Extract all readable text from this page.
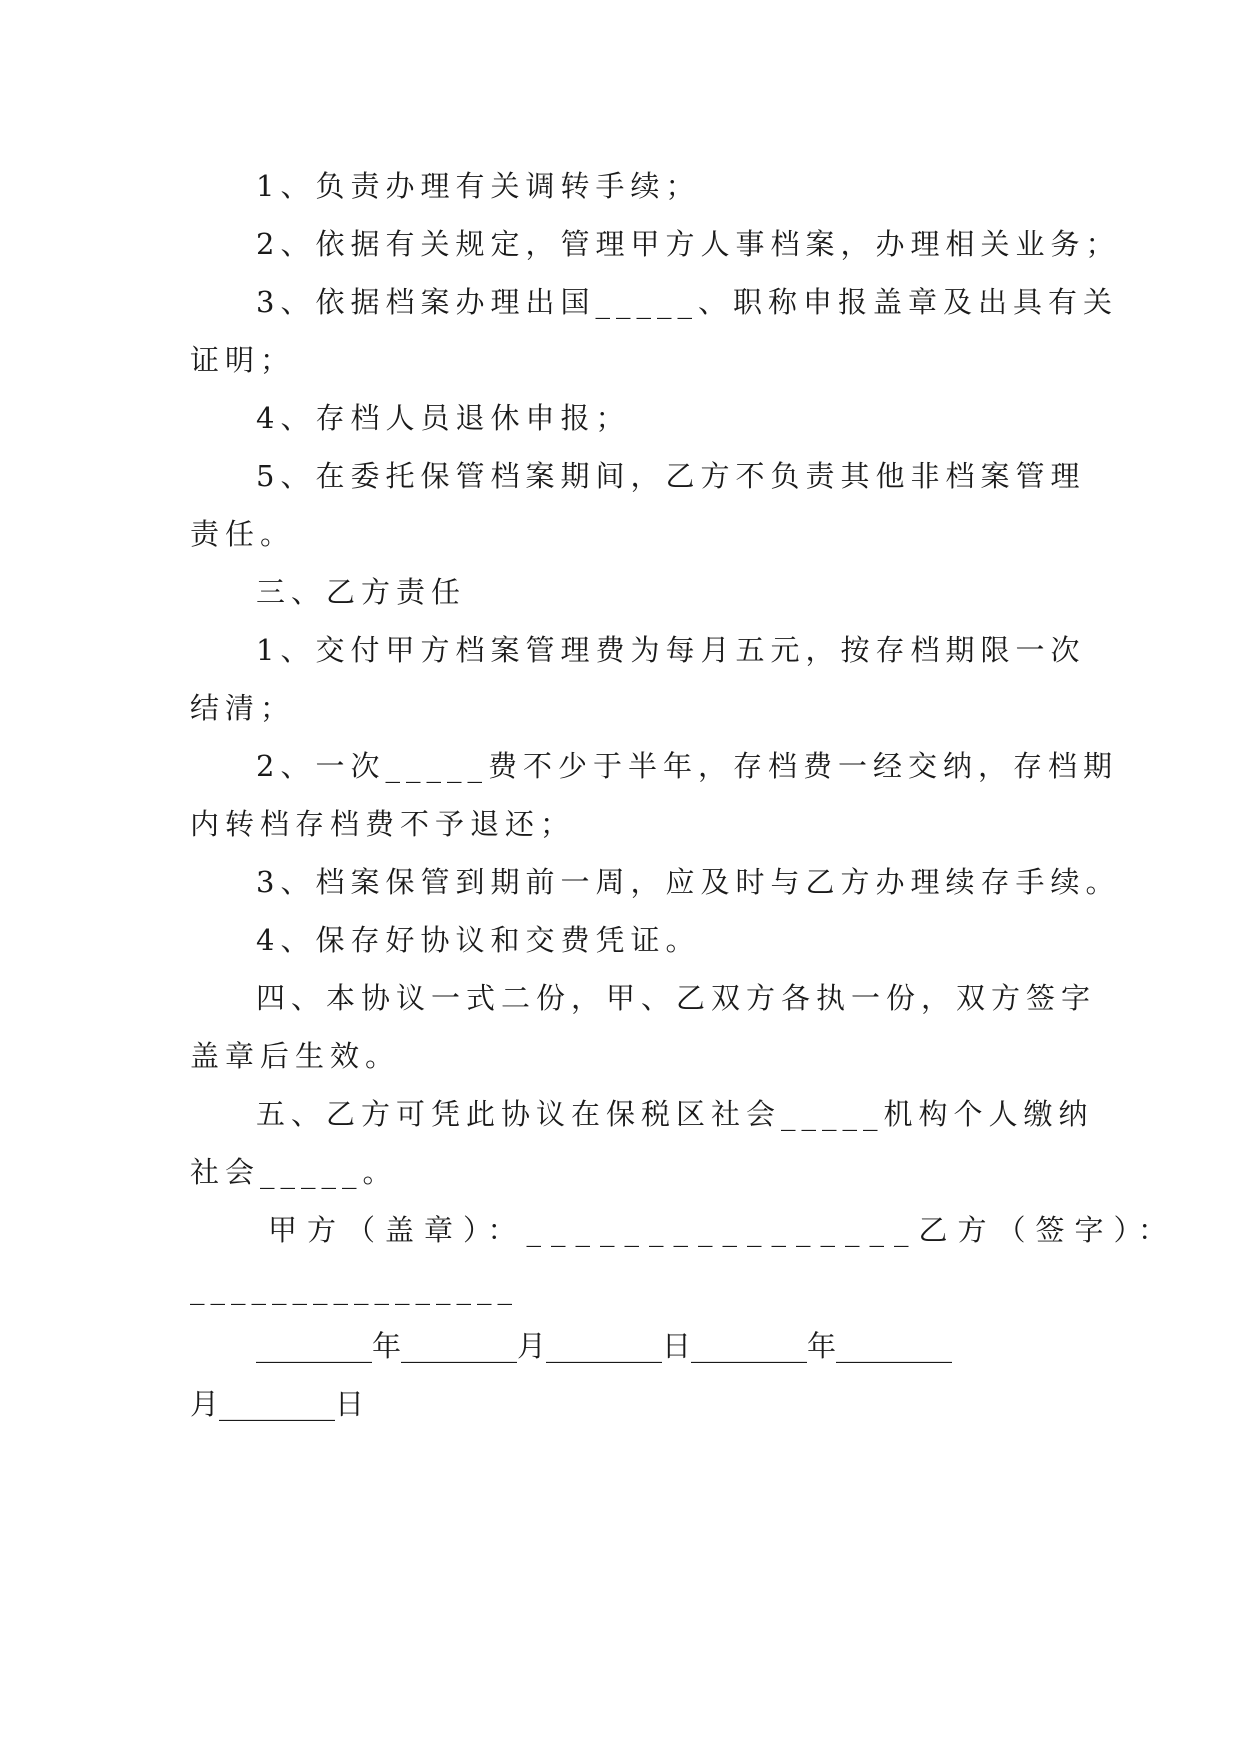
1、负责办理有关调转手续；
2、依据有关规定，管理甲方人事档案，办理相关业务；
3、依据档案办理出国_____、职称申报盖章及出具有关
证明；
4、存档人员退休申报；
5、在委托保管档案期间，乙方不负责其他非档案管理
责任。
三、乙方责任
1、交付甲方档案管理费为每月五元，按存档期限一次
结清；
2、一次_____费不少于半年，存档费一经交纳，存档期
内转档存档费不予退还；
3、档案保管到期前一周，应及时与乙方办理续存手续。
4、保存好协议和交费凭证。
四、本协议一式二份，甲、乙双方各执一份，双方签字
盖章后生效。
五、乙方可凭此协议在保税区社会_____机构个人缴纳
社会_____。
甲方（盖章）：________________乙方（签字）：
________________
________年________月________日________年________
月________日
